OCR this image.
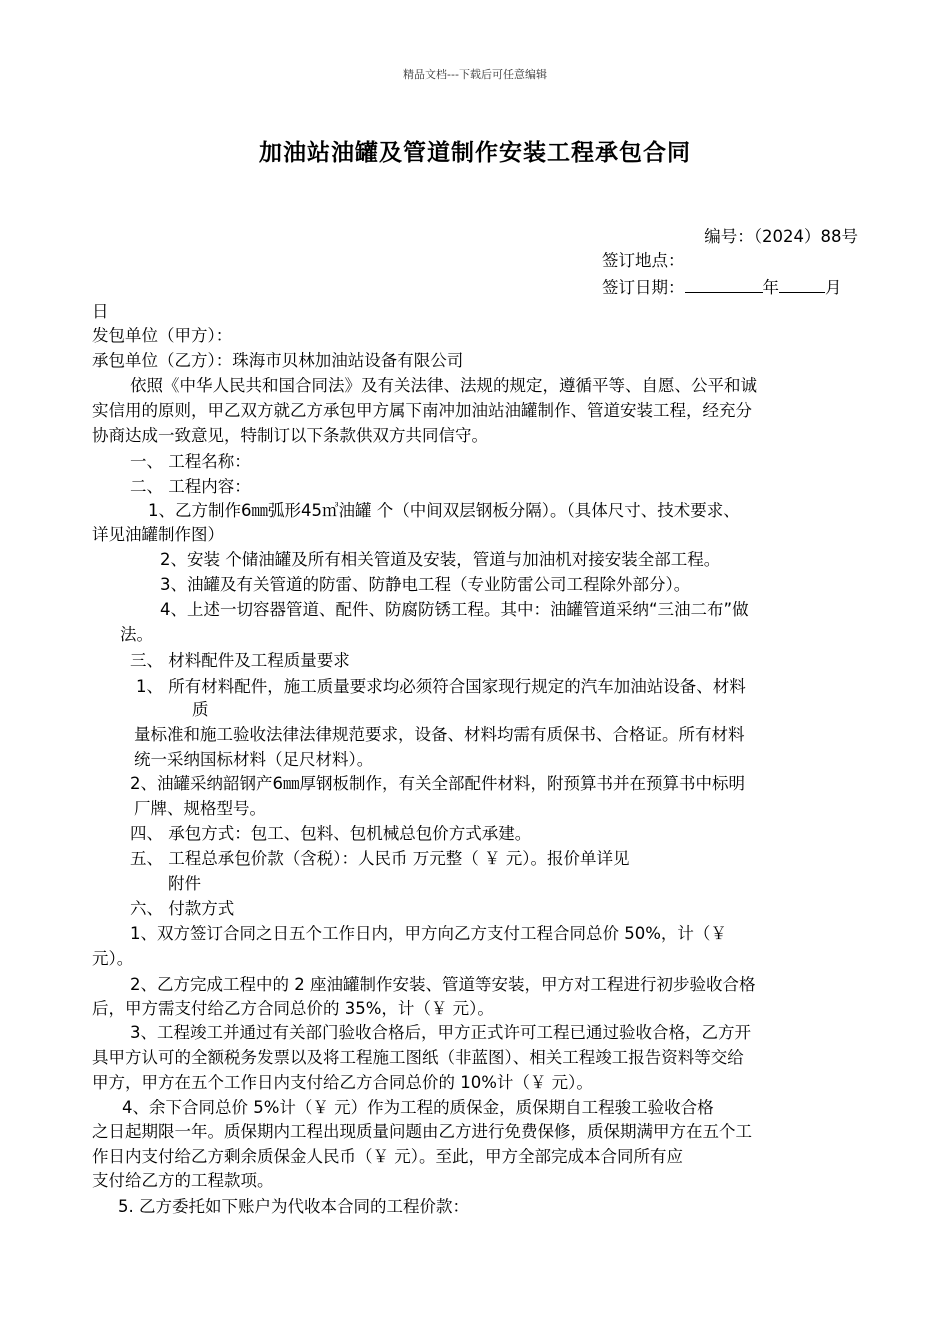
精品文档---下载后可任意编辑
加油站油罐及管道制作安装工程承包合同
编号：（2024）88号
签订地点：
签订日期：	年	月
日
发包单位（甲方）：
承包单位（乙方）：珠海市贝林加油站设备有限公司
依照《中华人民共和国合同法》及有关法律、法规的规定，遵循平等、自愿、公平和诚
实信用的原则，甲乙双方就乙方承包甲方属下南冲加油站油罐制作、管道安装工程，经充分
协商达成一致意见，特制订以下条款供双方共同信守。
一、 工程名称：
二、 工程内容：
1、乙方制作6㎜弧形45㎥油罐 个（中间双层钢板分隔）。（具体尺寸、技术要求、
详见油罐制作图）
2、安装 个储油罐及所有相关管道及安装，管道与加油机对接安装全部工程。
3、油罐及有关管道的防雷、防静电工程（专业防雷公司工程除外部分）。
4、上述一切容器管道、配件、防腐防锈工程。其中：油罐管道采纳“三油二布”做
法。
三、 材料配件及工程质量要求
1、 所有材料配件，施工质量要求均必须符合国家现行规定的汽车加油站设备、材料
质
量标准和施工验收法律法律规范要求，设备、材料均需有质保书、合格证。所有材料
统一采纳国标材料（足尺材料）。
2、油罐采纳韶钢产6㎜厚钢板制作，有关全部配件材料，附预算书并在预算书中标明
厂牌、规格型号。
四、 承包方式：包工、包料、包机械总包价方式承建。
五、 工程总承包价款（含税）：人民币 万元整（ ￥ 元）。报价单详见
附件
六、 付款方式
1、双方签订合同之日五个工作日内，甲方向乙方支付工程合同总价 50%，计（￥
元）。
2、乙方完成工程中的 2 座油罐制作安装、管道等安装，甲方对工程进行初步验收合格
后，甲方需支付给乙方合同总价的 35%，计（￥ 元）。
3、工程竣工并通过有关部门验收合格后，甲方正式许可工程已通过验收合格，乙方开
具甲方认可的全额税务发票以及将工程施工图纸（非蓝图）、相关工程竣工报告资料等交给
甲方，甲方在五个工作日内支付给乙方合同总价的 10%计（￥ 元）。
4、余下合同总价 5%计（￥ 元）作为工程的质保金，质保期自工程骏工验收合格
之日起期限一年。质保期内工程出现质量问题由乙方进行免费保修，质保期满甲方在五个工
作日内支付给乙方剩余质保金人民币（￥ 元）。至此，甲方全部完成本合同所有应
支付给乙方的工程款项。
5. 乙方委托如下账户为代收本合同的工程价款：
